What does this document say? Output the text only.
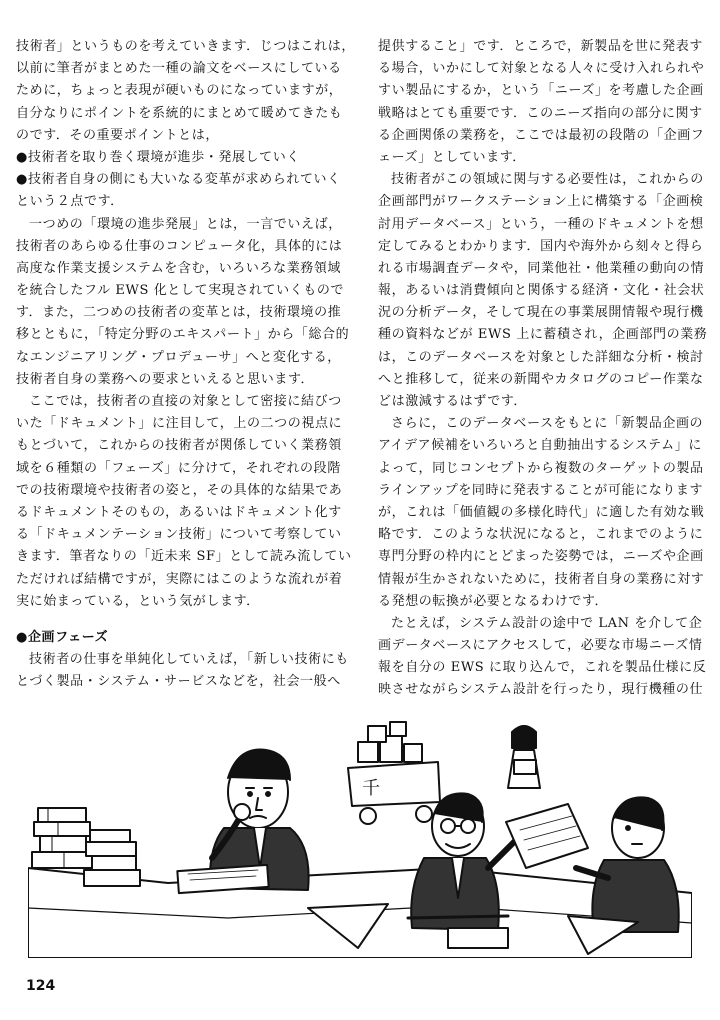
技術者」というものを考えていきます．じつはこれは，
以前に筆者がまとめた一種の論文をベースにしている
ために，ちょっと表現が硬いものになっていますが，
自分なりにポイントを系統的にまとめて暖めてきたも
のです．その重要ポイントとは，
●技術者を取り巻く環境が進歩・発展していく
●技術者自身の側にも大いなる変革が求められていく
という２点です．
一つめの「環境の進歩発展」とは，一言でいえば，
技術者のあらゆる仕事のコンピュータ化，具体的には
高度な作業支援システムを含む，いろいろな業務領域
を統合したフル EWS 化として実現されていくもので
す．また，二つめの技術者の変革とは，技術環境の推
移とともに，「特定分野のエキスパート」から「総合的
なエンジニアリング・プロデューサ」へと変化する，
技術者自身の業務への要求といえると思います．
ここでは，技術者の直接の対象として密接に結びつ
いた「ドキュメント」に注目して，上の二つの視点に
もとづいて，これからの技術者が関係していく業務領
域を６種類の「フェーズ」に分けて，それぞれの段階
での技術環境や技術者の姿と，その具体的な結果であ
るドキュメントそのもの，あるいはドキュメント化す
る「ドキュメンテーション技術」について考察してい
きます．筆者なりの「近未来 SF」として読み流してい
ただければ結構ですが，実際にはこのような流れが着
実に始まっている，という気がします．
●企画フェーズ
技術者の仕事を単純化していえば，「新しい技術にも
とづく製品・システム・サービスなどを，社会一般へ
提供すること」です．ところで，新製品を世に発表す
る場合，いかにして対象となる人々に受け入れられや
すい製品にするか，という「ニーズ」を考慮した企画
戦略はとても重要です．このニーズ指向の部分に関す
る企画関係の業務を，ここでは最初の段階の「企画フ
ェーズ」としています．
技術者がこの領域に関与する必要性は，これからの
企画部門がワークステーション上に構築する「企画検
討用データベース」という，一種のドキュメントを想
定してみるとわかります．国内や海外から刻々と得ら
れる市場調査データや，同業他社・他業種の動向の情
報，あるいは消費傾向と関係する経済・文化・社会状
況の分析データ，そして現在の事業展開情報や現行機
種の資料などが EWS 上に蓄積され，企画部門の業務
は，このデータベースを対象とした詳細な分析・検討
へと推移して，従来の新聞やカタログのコピー作業な
どは激減するはずです．
さらに，このデータベースをもとに「新製品企画の
アイデア候補をいろいろと自動抽出するシステム」に
よって，同じコンセプトから複数のターゲットの製品
ラインアップを同時に発表することが可能になります
が，これは「価値観の多様化時代」に適した有効な戦
略です．このような状況になると，これまでのように
専門分野の枠内にとどまった姿勢では，ニーズや企画
情報が生かされないために，技術者自身の業務に対す
る発想の転換が必要となるわけです．
たとえば，システム設計の途中で LAN を介して企
画データベースにアクセスして，必要な市場ニーズ情
報を自分の EWS に取り込んで，これを製品仕様に反
映させながらシステム設計を行ったり，現行機種の仕
千
124
